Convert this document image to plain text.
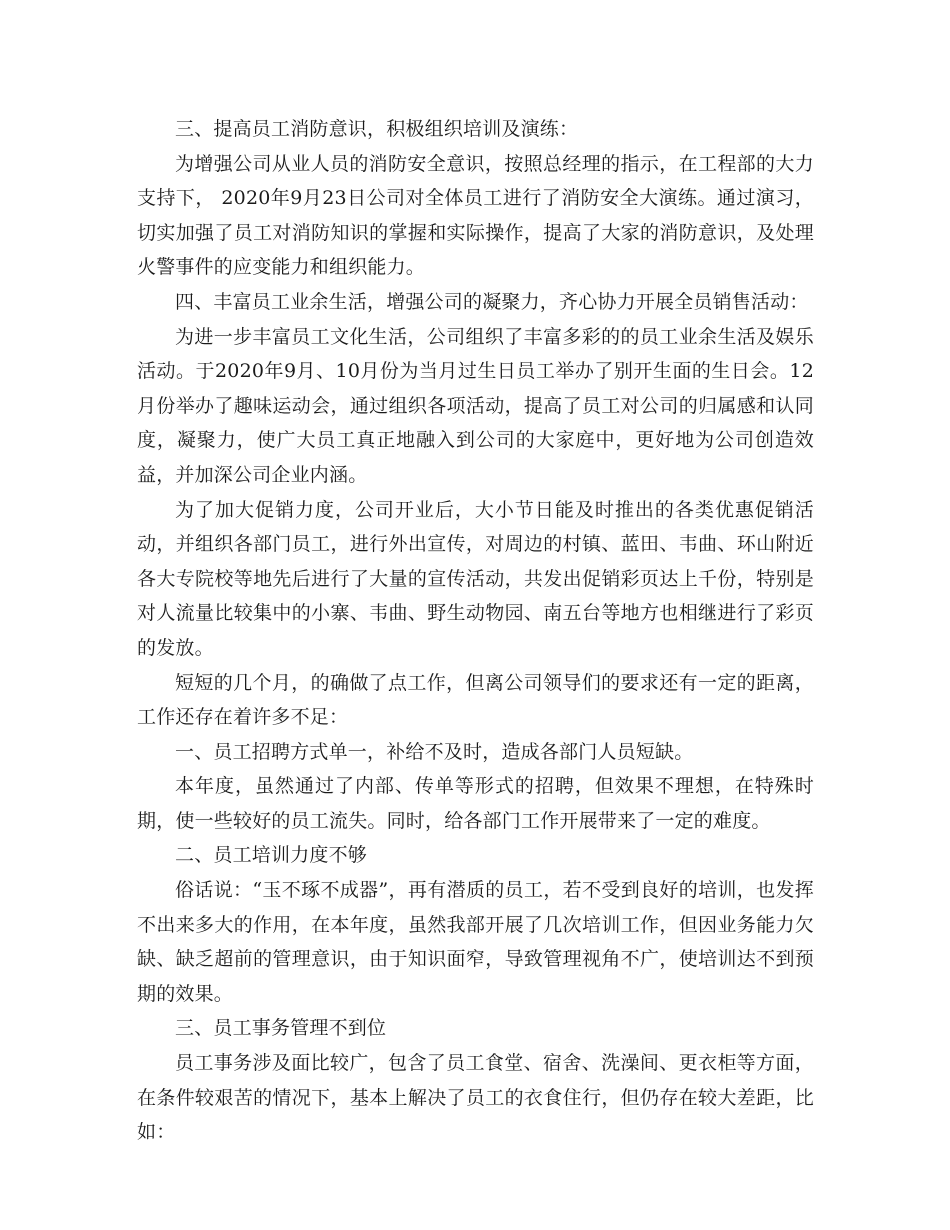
三、提高员工消防意识，积极组织培训及演练：

为增强公司从业人员的消防安全意识，按照总经理的指示，在工程部的大力支持下， 2020年9月23日公司对全体员工进行了消防安全大演练。通过演习，切实加强了员工对消防知识的掌握和实际操作，提高了大家的消防意识，及处理火警事件的应变能力和组织能力。

四、丰富员工业余生活，增强公司的凝聚力，齐心协力开展全员销售活动：

为进一步丰富员工文化生活，公司组织了丰富多彩的的员工业余生活及娱乐活动。于2020年9月、10月份为当月过生日员工举办了别开生面的生日会。12月份举办了趣味运动会，通过组织各项活动，提高了员工对公司的归属感和认同度，凝聚力，使广大员工真正地融入到公司的大家庭中，更好地为公司创造效益，并加深公司企业内涵。

为了加大促销力度，公司开业后，大小节日能及时推出的各类优惠促销活动，并组织各部门员工，进行外出宣传，对周边的村镇、蓝田、韦曲、环山附近各大专院校等地先后进行了大量的宣传活动，共发出促销彩页达上千份，特别是对人流量比较集中的小寨、韦曲、野生动物园、南五台等地方也相继进行了彩页的发放。

短短的几个月，的确做了点工作，但离公司领导们的要求还有一定的距离，工作还存在着许多不足：

一、员工招聘方式单一，补给不及时，造成各部门人员短缺。

本年度，虽然通过了内部、传单等形式的招聘，但效果不理想，在特殊时期，使一些较好的员工流失。同时，给各部门工作开展带来了一定的难度。

二、员工培训力度不够

俗话说：“玉不琢不成器”，再有潜质的员工，若不受到良好的培训，也发挥不出来多大的作用，在本年度，虽然我部开展了几次培训工作，但因业务能力欠缺、缺乏超前的管理意识，由于知识面窄，导致管理视角不广，使培训达不到预期的效果。

三、员工事务管理不到位

员工事务涉及面比较广，包含了员工食堂、宿舍、洗澡间、更衣柜等方面，在条件较艰苦的情况下，基本上解决了员工的衣食住行，但仍存在较大差距，比如：
